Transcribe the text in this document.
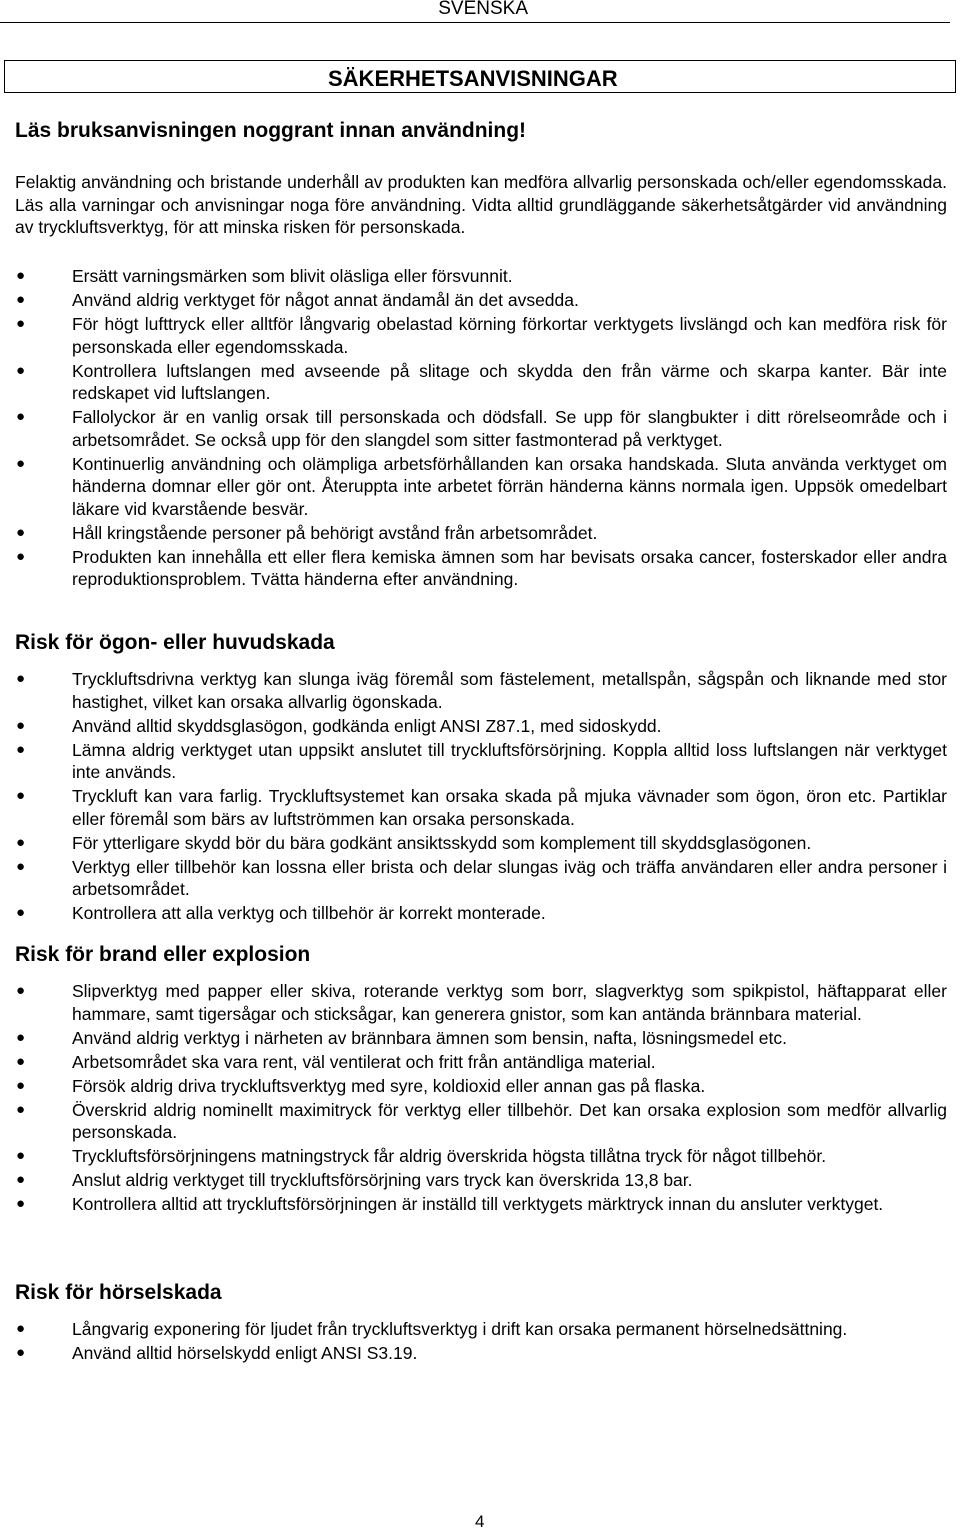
SVENSKA
SÄKERHETSANVISNINGAR
Läs bruksanvisningen noggrant innan användning!
Felaktig användning och bristande underhåll av produkten kan medföra allvarlig personskada och/eller egendomsskada. Läs alla varningar och anvisningar noga före användning. Vidta alltid grundläggande säkerhetsåtgärder vid användning av tryckluftsverktyg, för att minska risken för personskada.
●	Ersätt varningsmärken som blivit oläsliga eller försvunnit.
●	Använd aldrig verktyget för något annat ändamål än det avsedda.
●	För högt lufttryck eller alltför långvarig obelastad körning förkortar verktygets livslängd och kan medföra risk för personskada eller egendomsskada.
●	Kontrollera luftslangen med avseende på slitage och skydda den från värme och skarpa kanter. Bär inte redskapet vid luftslangen.
●	Fallolyckor är en vanlig orsak till personskada och dödsfall. Se upp för slangbukter i ditt rörelseområde och i arbetsområdet. Se också upp för den slangdel som sitter fastmonterad på verktyget.
●	Kontinuerlig användning och olämpliga arbetsförhållanden kan orsaka handskada. Sluta använda verktyget om händerna domnar eller gör ont. Återuppta inte arbetet förrän händerna känns normala igen. Uppsök omedelbart läkare vid kvarstående besvär.
●	Håll kringstående personer på behörigt avstånd från arbetsområdet.
●	Produkten kan innehålla ett eller flera kemiska ämnen som har bevisats orsaka cancer, fosterskador eller andra reproduktionsproblem. Tvätta händerna efter användning.
Risk för ögon- eller huvudskada
●	Tryckluftsdrivna verktyg kan slunga iväg föremål som fästelement, metallspån, sågspån och liknande med stor hastighet, vilket kan orsaka allvarlig ögonskada.
●	Använd alltid skyddsglasögon, godkända enligt ANSI Z87.1, med sidoskydd.
●	Lämna aldrig verktyget utan uppsikt anslutet till tryckluftsförsörjning. Koppla alltid loss luftslangen när verktyget inte används.
●	Tryckluft kan vara farlig. Tryckluftsystemet kan orsaka skada på mjuka vävnader som ögon, öron etc. Partiklar eller föremål som bärs av luftströmmen kan orsaka personskada.
●	För ytterligare skydd bör du bära godkänt ansiktsskydd som komplement till skyddsglasögonen.
●	Verktyg eller tillbehör kan lossna eller brista och delar slungas iväg och träffa användaren eller andra personer i arbetsområdet.
●	Kontrollera att alla verktyg och tillbehör är korrekt monterade.
Risk för brand eller explosion
●	Slipverktyg med papper eller skiva, roterande verktyg som borr, slagverktyg som spikpistol, häftapparat eller hammare, samt tigersågar och sticksågar, kan generera gnistor, som kan antända brännbara material.
●	Använd aldrig verktyg i närheten av brännbara ämnen som bensin, nafta, lösningsmedel etc.
●	Arbetsområdet ska vara rent, väl ventilerat och fritt från antändliga material.
●	Försök aldrig driva tryckluftsverktyg med syre, koldioxid eller annan gas på flaska.
●	Överskrid aldrig nominellt maximitryck för verktyg eller tillbehör. Det kan orsaka explosion som medför allvarlig personskada.
●	Tryckluftsförsörjningens matningstryck får aldrig överskrida högsta tillåtna tryck för något tillbehör.
●	Anslut aldrig verktyget till tryckluftsförsörjning vars tryck kan överskrida 13,8 bar.
●	Kontrollera alltid att tryckluftsförsörjningen är inställd till verktygets märktryck innan du ansluter verktyget.
Risk för hörselskada
●	Långvarig exponering för ljudet från tryckluftsverktyg i drift kan orsaka permanent hörselnedsättning.
●	Använd alltid hörselskydd enligt ANSI S3.19.
4
